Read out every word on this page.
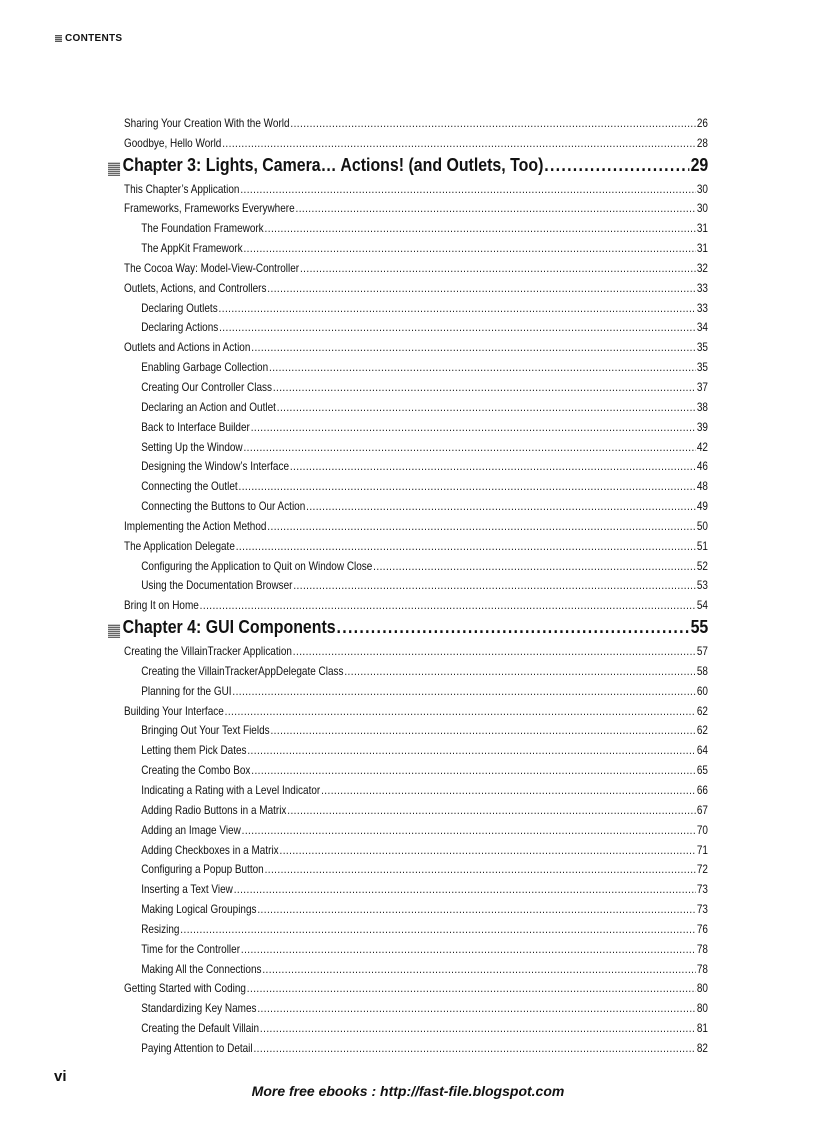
CONTENTS
Sharing Your Creation With the World .....	26
Goodbye, Hello World .....	28
Chapter 3: Lights, Camera… Actions! (and Outlets, Too) .....	29
This Chapter’s Application .....	30
Frameworks, Frameworks Everywhere .....	30
The Foundation Framework .....	31
The AppKit Framework .....	31
The Cocoa Way: Model-View-Controller .....	32
Outlets, Actions, and Controllers .....	33
Declaring Outlets .....	33
Declaring Actions .....	34
Outlets and Actions in Action .....	35
Enabling Garbage Collection .....	35
Creating Our Controller Class .....	37
Declaring an Action and Outlet .....	38
Back to Interface Builder .....	39
Setting Up the Window .....	42
Designing the Window’s Interface .....	46
Connecting the Outlet .....	48
Connecting the Buttons to Our Action .....	49
Implementing the Action Method .....	50
The Application Delegate .....	51
Configuring the Application to Quit on Window Close .....	52
Using the Documentation Browser .....	53
Bring It on Home .....	54
Chapter 4: GUI Components .....	55
Creating the VillainTracker Application .....	57
Creating the VillainTrackerAppDelegate Class .....	58
Planning for the GUI .....	60
Building Your Interface .....	62
Bringing Out Your Text Fields .....	62
Letting them Pick Dates .....	64
Creating the Combo Box .....	65
Indicating a Rating with a Level Indicator .....	66
Adding Radio Buttons in a Matrix .....	67
Adding an Image View .....	70
Adding Checkboxes in a Matrix .....	71
Configuring a Popup Button .....	72
Inserting a Text View .....	73
Making Logical Groupings .....	73
Resizing .....	76
Time for the Controller .....	78
Making All the Connections .....	78
Getting Started with Coding .....	80
Standardizing Key Names .....	80
Creating the Default Villain .....	81
Paying Attention to Detail .....	82
vi
More free ebooks : http://fast-file.blogspot.com
